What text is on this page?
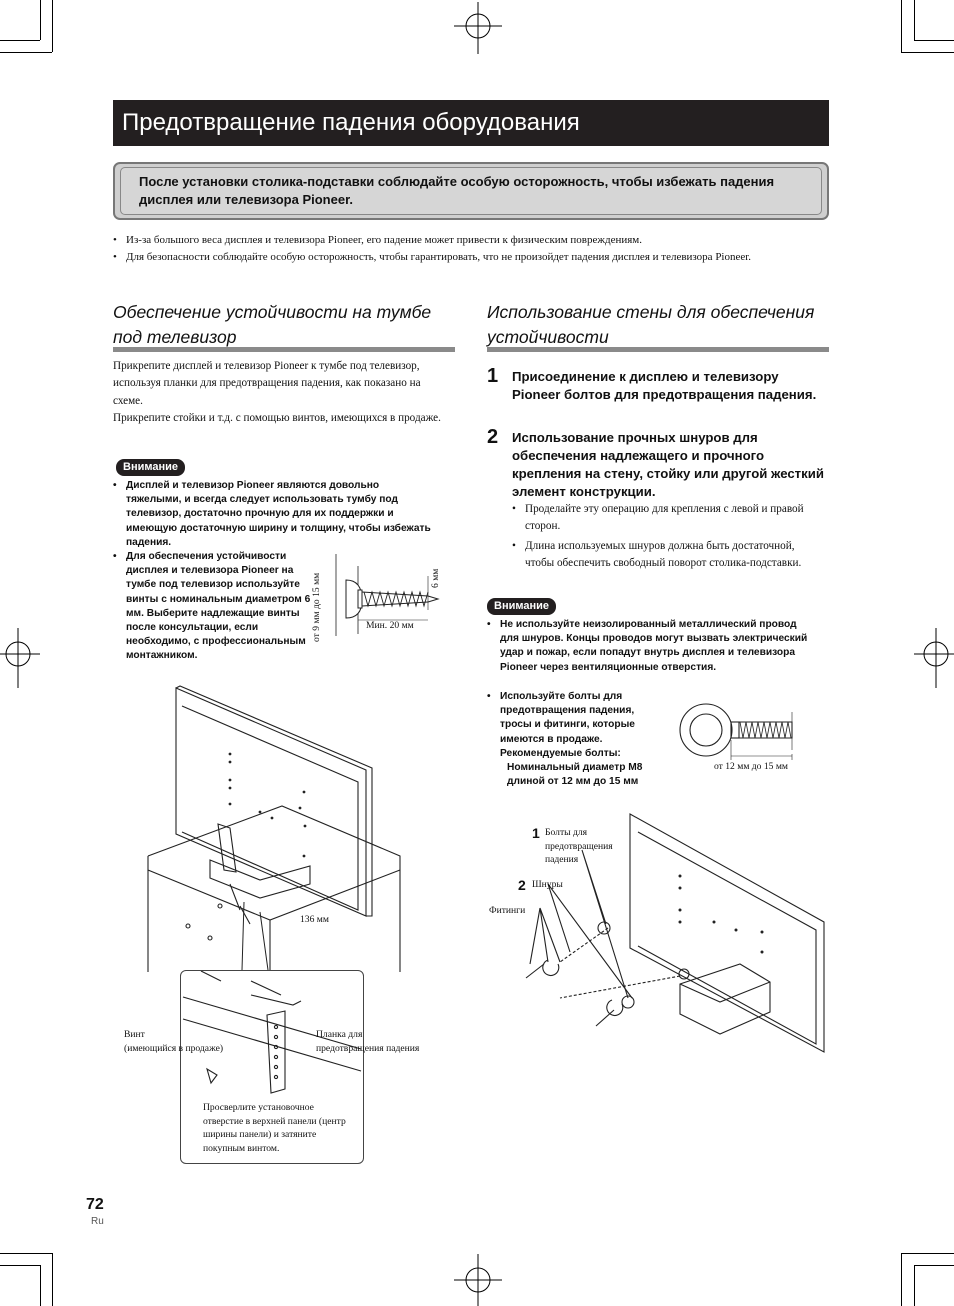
Предотвращение падения оборудования
После установки столика-подставки соблюдайте особую осторожность, чтобы избежать падения дисплея или телевизора Pioneer.
• Из-за большого веса дисплея и телевизора Pioneer, его падение может привести к физическим повреждениям.
• Для безопасности соблюдайте особую осторожность, чтобы гарантировать, что не произойдет падения дисплея и телевизора Pioneer.
Обеспечение устойчивости на тумбе под телевизор
Прикрепите дисплей и телевизор Pioneer к тумбе под телевизор, используя планки для предотвращения падения, как показано на схеме.
Прикрепите стойки и т.д. с помощью винтов, имеющихся в продаже.
Внимание
• Дисплей и телевизор Pioneer являются довольно тяжелыми, и всегда следует использовать тумбу под телевизор, достаточно прочную для их поддержки и имеющую достаточную ширину и толщину, чтобы избежать падения.
• Для обеспечения устойчивости дисплея и телевизора Pioneer на тумбе под телевизор используйте винты с номинальным диаметром 6 мм. Выберите надлежащие винты после консультации, если необходимо, с профессиональным монтажником.
от 9 мм до 15 мм	6 мм
Мин. 20 мм
136 мм
Винт
(имеющийся в продаже)
Планка для
предотвращения падения
Просверлите установочное отверстие в верхней панели (центр ширины панели) и затяните покупным винтом.
Использование стены для обеспечения устойчивости
1 Присоединение к дисплею и телевизору Pioneer болтов для предотвращения падения.
2 Использование прочных шнуров для обеспечения надлежащего и прочного крепления на стену, стойку или другой жесткий элемент конструкции.
• Проделайте эту операцию для крепления с левой и правой сторон.
• Длина используемых шнуров должна быть достаточной, чтобы обеспечить свободный поворот столика-подставки.
Внимание
• Не используйте неизолированный металлический провод для шнуров. Концы проводов могут вызвать электрический удар и пожар, если попадут внутрь дисплея и телевизора Pioneer через вентиляционные отверстия.
• Используйте болты для предотвращения падения, тросы и фитинги, которые имеются в продаже. Рекомендуемые болты:
Номинальный диаметр M8
длиной от 12 мм до 15 мм
от 12 мм до 15 мм
1 Болты для предотвращения падения
2 Шнуры
Фитинги
72
Ru
